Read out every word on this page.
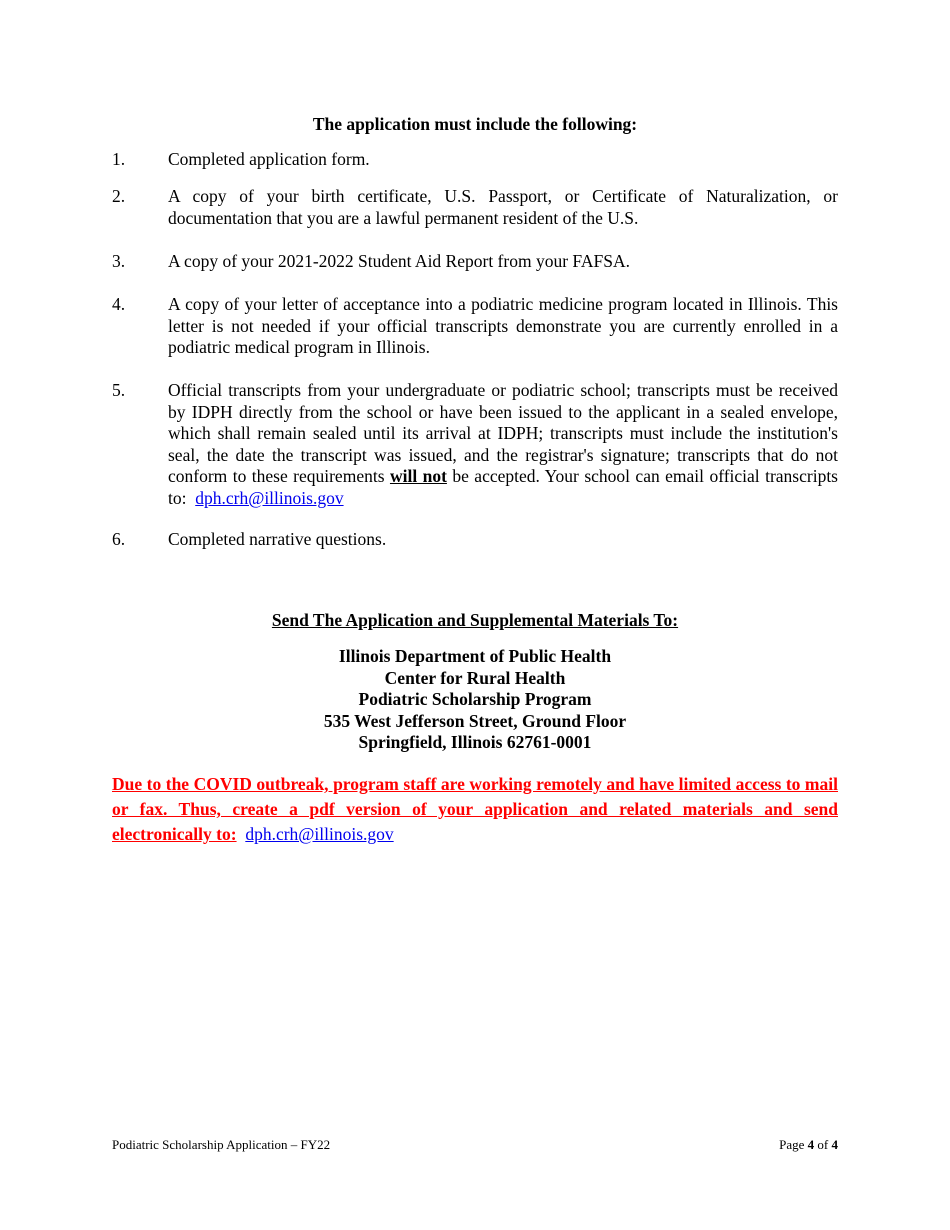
The application must include the following:
1.	Completed application form.
2.	A copy of your birth certificate, U.S. Passport, or Certificate of Naturalization, or documentation that you are a lawful permanent resident of the U.S.
3.	A copy of your 2021-2022 Student Aid Report from your FAFSA.
4.	A copy of your letter of acceptance into a podiatric medicine program located in Illinois. This letter is not needed if your official transcripts demonstrate you are currently enrolled in a podiatric medical program in Illinois.
5.	Official transcripts from your undergraduate or podiatric school; transcripts must be received by IDPH directly from the school or have been issued to the applicant in a sealed envelope, which shall remain sealed until its arrival at IDPH; transcripts must include the institution's seal, the date the transcript was issued, and the registrar's signature; transcripts that do not conform to these requirements will not be accepted. Your school can email official transcripts to: dph.crh@illinois.gov
6.	Completed narrative questions.
Send The Application and Supplemental Materials To:
Illinois Department of Public Health
Center for Rural Health
Podiatric Scholarship Program
535 West Jefferson Street, Ground Floor
Springfield, Illinois 62761-0001
Due to the COVID outbreak, program staff are working remotely and have limited access to mail or fax. Thus, create a pdf version of your application and related materials and send electronically to: dph.crh@illinois.gov
Podiatric Scholarship Application – FY22	Page 4 of 4
